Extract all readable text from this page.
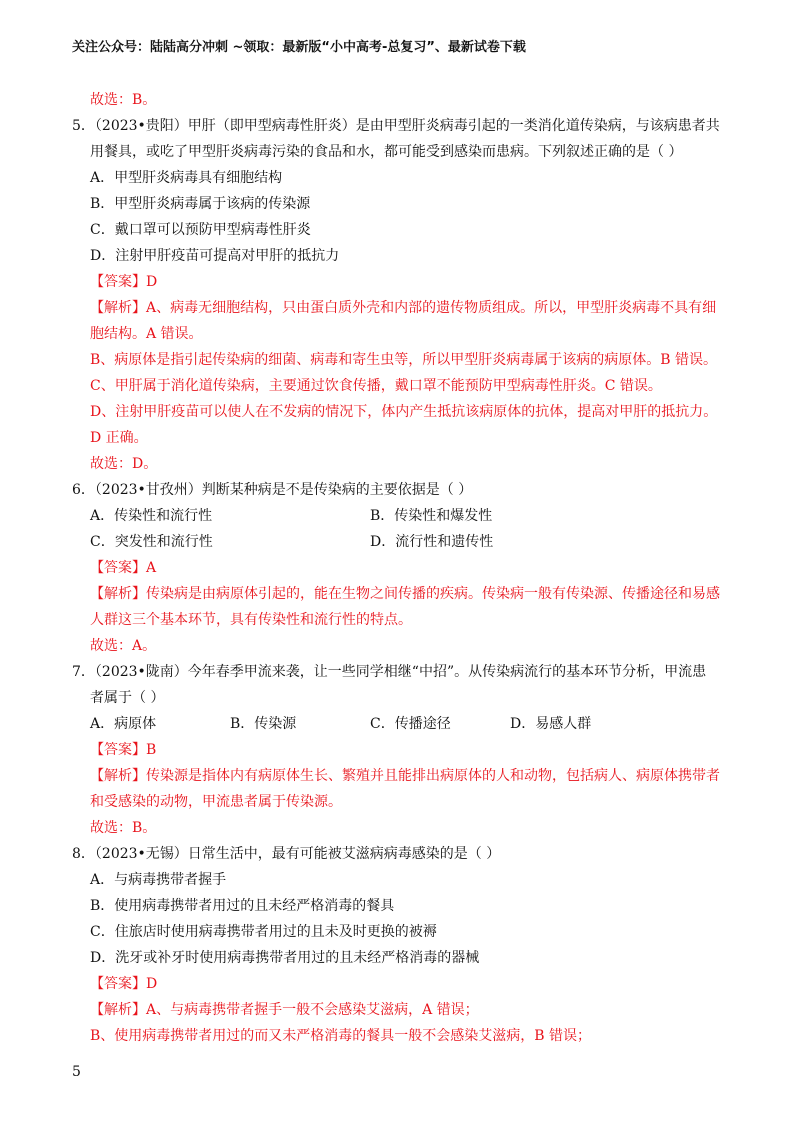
关注公众号：陆陆高分冲刺 ~领取：最新版“小中高考-总复习”、最新试卷下载
故选：B。
5．（2023•贵阳）甲肝（即甲型病毒性肝炎）是由甲型肝炎病毒引起的一类消化道传染病，与该病患者共
用餐具，或吃了甲型肝炎病毒污染的食品和水，都可能受到感染而患病。下列叙述正确的是（ ）
A．甲型肝炎病毒具有细胞结构
B．甲型肝炎病毒属于该病的传染源
C．戴口罩可以预防甲型病毒性肝炎
D．注射甲肝疫苗可提高对甲肝的抵抗力
【答案】D
【解析】A、病毒无细胞结构，只由蛋白质外壳和内部的遗传物质组成。所以，甲型肝炎病毒不具有细
胞结构。A 错误。
B、病原体是指引起传染病的细菌、病毒和寄生虫等，所以甲型肝炎病毒属于该病的病原体。B 错误。
C、甲肝属于消化道传染病，主要通过饮食传播，戴口罩不能预防甲型病毒性肝炎。C 错误。
D、注射甲肝疫苗可以使人在不发病的情况下，体内产生抵抗该病原体的抗体，提高对甲肝的抵抗力。
D 正确。
故选：D。
6．（2023•甘孜州）判断某种病是不是传染病的主要依据是（ ）
A．传染性和流行性	B．传染性和爆发性
C．突发性和流行性	D．流行性和遗传性
【答案】A
【解析】传染病是由病原体引起的，能在生物之间传播的疾病。传染病一般有传染源、传播途径和易感
人群这三个基本环节，具有传染性和流行性的特点。
故选：A。
7．（2023•陇南）今年春季甲流来袭，让一些同学相继“中招”。从传染病流行的基本环节分析，甲流患
者属于（ ）
A．病原体	B．传染源	C．传播途径	D．易感人群
【答案】B
【解析】传染源是指体内有病原体生长、繁殖并且能排出病原体的人和动物，包括病人、病原体携带者
和受感染的动物，甲流患者属于传染源。
故选：B。
8．（2023•无锡）日常生活中，最有可能被艾滋病病毒感染的是（ ）
A．与病毒携带者握手
B．使用病毒携带者用过的且未经严格消毒的餐具
C．住旅店时使用病毒携带者用过的且未及时更换的被褥
D．洗牙或补牙时使用病毒携带者用过的且未经严格消毒的器械
【答案】D
【解析】A、与病毒携带者握手一般不会感染艾滋病，A 错误；
B、使用病毒携带者用过的而又未严格消毒的餐具一般不会感染艾滋病，B 错误；
5
